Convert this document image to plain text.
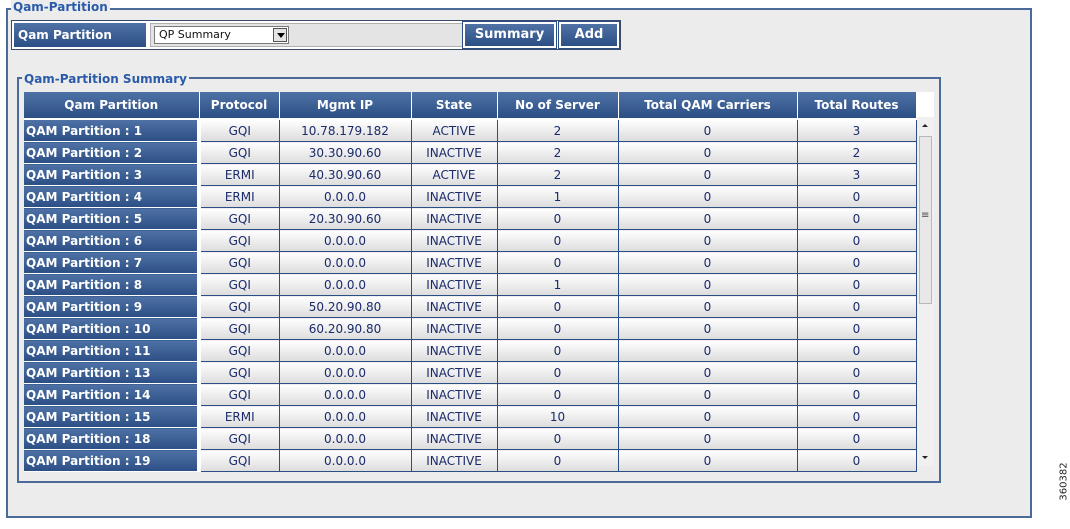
Qam-Partition
Qam Partition	QP Summary	Summary	Add
Qam-Partition Summary
Qam Partition	Protocol	Mgmt IP	State	No of Server	Total QAM Carriers	Total Routes
QAM Partition : 1	GQI	10.78.179.182	ACTIVE	2	0	3
QAM Partition : 2	GQI	30.30.90.60	INACTIVE	2	0	2
QAM Partition : 3	ERMI	40.30.90.60	ACTIVE	2	0	3
QAM Partition : 4	ERMI	0.0.0.0	INACTIVE	1	0	0
QAM Partition : 5	GQI	20.30.90.60	INACTIVE	0	0	0
QAM Partition : 6	GQI	0.0.0.0	INACTIVE	0	0	0
QAM Partition : 7	GQI	0.0.0.0	INACTIVE	0	0	0
QAM Partition : 8	GQI	0.0.0.0	INACTIVE	1	0	0
QAM Partition : 9	GQI	50.20.90.80	INACTIVE	0	0	0
QAM Partition : 10	GQI	60.20.90.80	INACTIVE	0	0	0
QAM Partition : 11	GQI	0.0.0.0	INACTIVE	0	0	0
QAM Partition : 13	GQI	0.0.0.0	INACTIVE	0	0	0
QAM Partition : 14	GQI	0.0.0.0	INACTIVE	0	0	0
QAM Partition : 15	ERMI	0.0.0.0	INACTIVE	10	0	0
QAM Partition : 18	GQI	0.0.0.0	INACTIVE	0	0	0
QAM Partition : 19	GQI	0.0.0.0	INACTIVE	0	0	0
≡
360382
